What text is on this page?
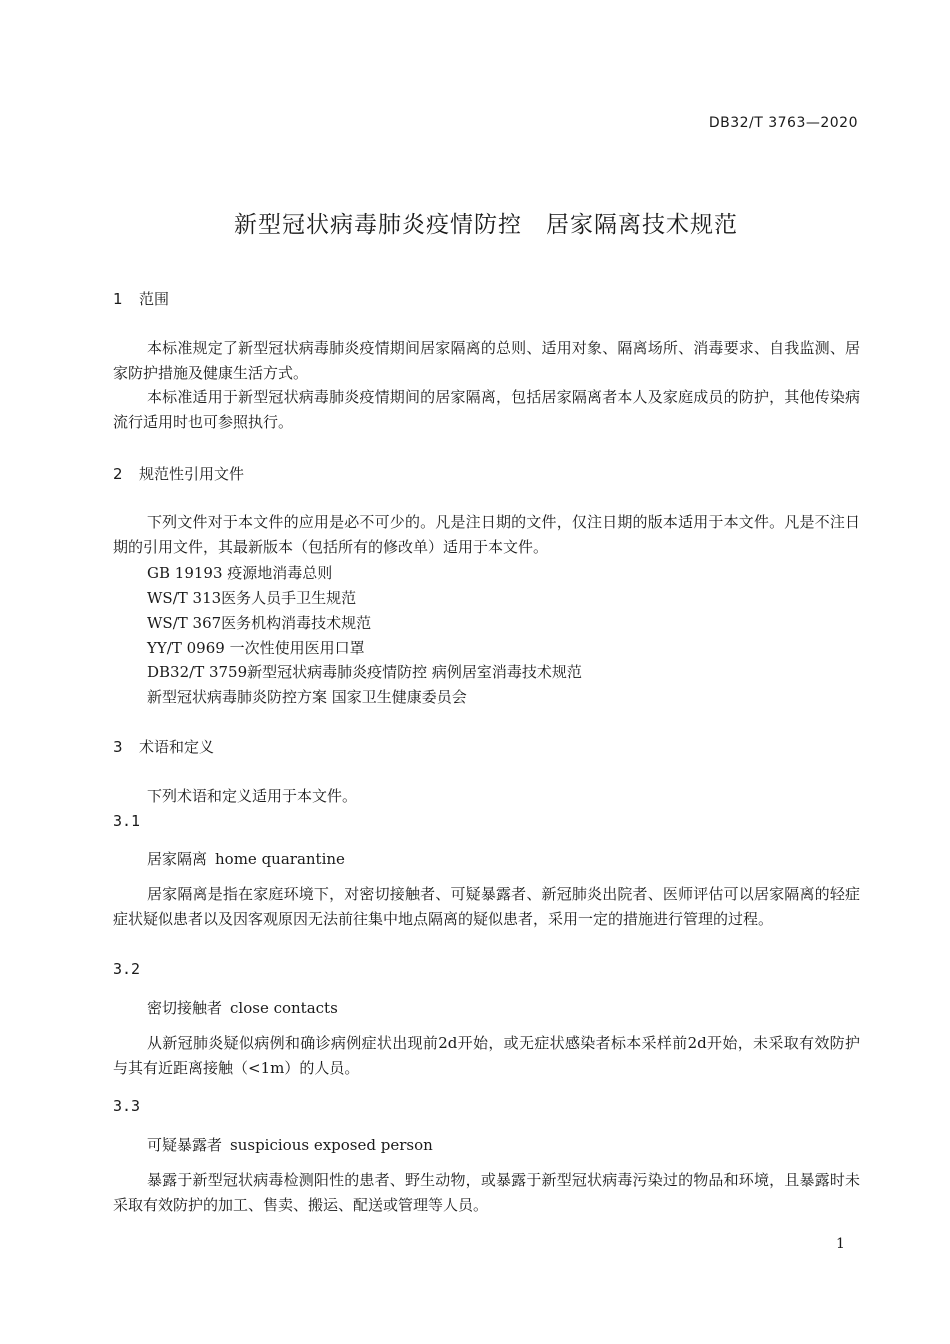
DB32/T 3763—2020
新型冠状病毒肺炎疫情防控　居家隔离技术规范
1 范围
本标准规定了新型冠状病毒肺炎疫情期间居家隔离的总则、适用对象、隔离场所、消毒要求、自我监测、居家防护措施及健康生活方式。
本标准适用于新型冠状病毒肺炎疫情期间的居家隔离，包括居家隔离者本人及家庭成员的防护，其他传染病流行适用时也可参照执行。
2 规范性引用文件
下列文件对于本文件的应用是必不可少的。凡是注日期的文件，仅注日期的版本适用于本文件。凡是不注日期的引用文件，其最新版本（包括所有的修改单）适用于本文件。
GB 19193 疫源地消毒总则
WS/T 313医务人员手卫生规范
WS/T 367医务机构消毒技术规范
YY/T 0969 一次性使用医用口罩
DB32/T 3759新型冠状病毒肺炎疫情防控 病例居室消毒技术规范
新型冠状病毒肺炎防控方案 国家卫生健康委员会
3 术语和定义
下列术语和定义适用于本文件。
3.1
居家隔离 home quarantine
居家隔离是指在家庭环境下，对密切接触者、可疑暴露者、新冠肺炎出院者、医师评估可以居家隔离的轻症症状疑似患者以及因客观原因无法前往集中地点隔离的疑似患者，采用一定的措施进行管理的过程。
3.2
密切接触者 close contacts
从新冠肺炎疑似病例和确诊病例症状出现前2d开始，或无症状感染者标本采样前2d开始，未采取有效防护与其有近距离接触（<1m）的人员。
3.3
可疑暴露者 suspicious exposed person
暴露于新型冠状病毒检测阳性的患者、野生动物，或暴露于新型冠状病毒污染过的物品和环境，且暴露时未采取有效防护的加工、售卖、搬运、配送或管理等人员。
1
